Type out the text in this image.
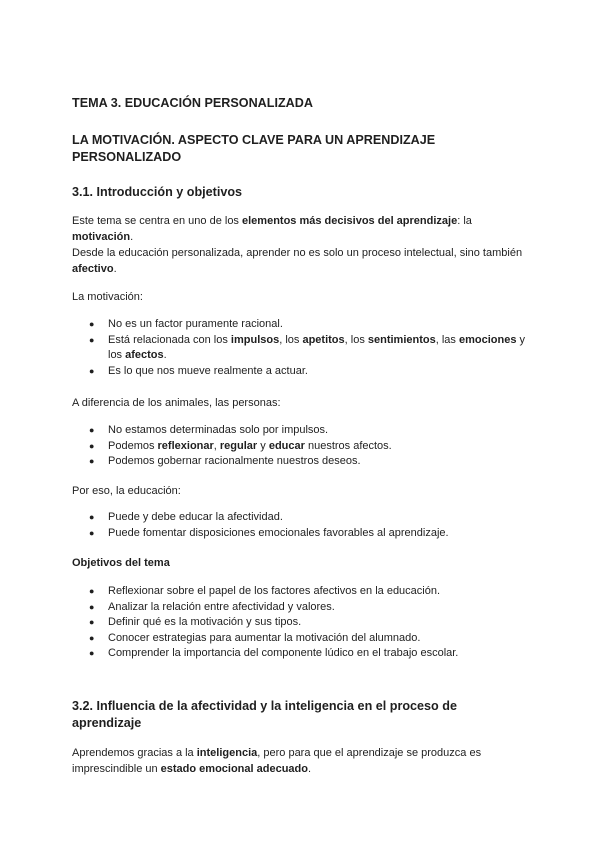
TEMA 3. EDUCACIÓN PERSONALIZADA
LA MOTIVACIÓN. ASPECTO CLAVE PARA UN APRENDIZAJE
PERSONALIZADO
3.1. Introducción y objetivos
Este tema se centra en uno de los elementos más decisivos del aprendizaje: la
motivación.
Desde la educación personalizada, aprender no es solo un proceso intelectual, sino también afectivo.
La motivación:
● No es un factor puramente racional.
● Está relacionada con los impulsos, los apetitos, los sentimientos, las emociones y los afectos.
● Es lo que nos mueve realmente a actuar.
A diferencia de los animales, las personas:
● No estamos determinadas solo por impulsos.
● Podemos reflexionar, regular y educar nuestros afectos.
● Podemos gobernar racionalmente nuestros deseos.
Por eso, la educación:
● Puede y debe educar la afectividad.
● Puede fomentar disposiciones emocionales favorables al aprendizaje.
Objetivos del tema
● Reflexionar sobre el papel de los factores afectivos en la educación.
● Analizar la relación entre afectividad y valores.
● Definir qué es la motivación y sus tipos.
● Conocer estrategias para aumentar la motivación del alumnado.
● Comprender la importancia del componente lúdico en el trabajo escolar.
3.2. Influencia de la afectividad y la inteligencia en el proceso de
aprendizaje
Aprendemos gracias a la inteligencia, pero para que el aprendizaje se produzca es imprescindible un estado emocional adecuado.
